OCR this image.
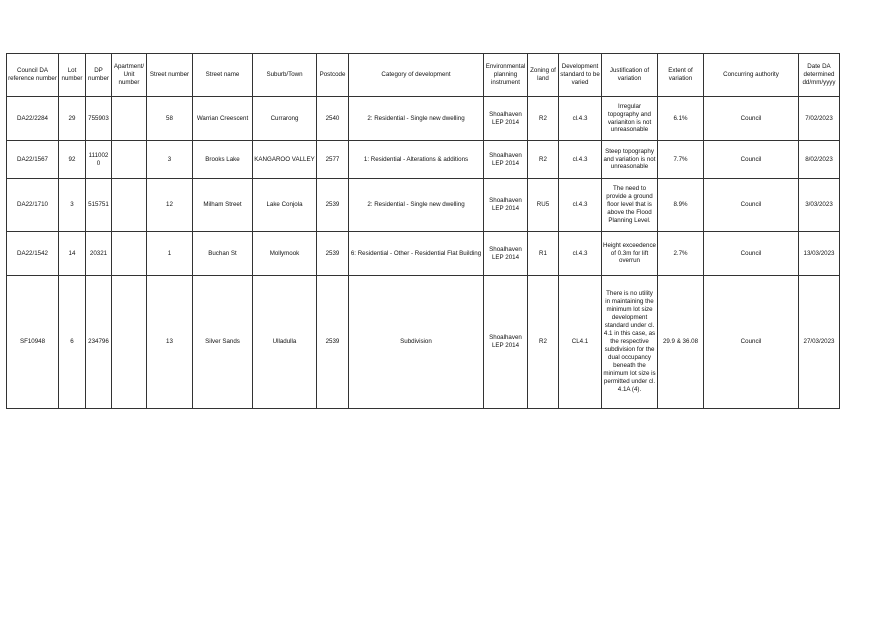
Council DA reference number	Lot number	DP number	Apartment/ Unit number	Street number	Street name	Suburb/Town	Postcode	Category of development	Environmental planning instrument	Zoning of land	Development standard to be varied	Justification of variation	Extent of variation	Concurring authority	Date DA determined dd/mm/yyyy
DA22/2284	29	755903		58	Warrian Creescent	Currarong	2540	2: Residential - Single new dwelling	Shoalhaven LEP 2014	R2	cl.4.3	Irregular topography and varianiton is not unreasonable	6.1%	Council	7/02/2023
DA22/1567	92	1110020		3	Brooks Lake	KANGAROO VALLEY	2577	1: Residential - Alterations & additions	Shoalhaven LEP 2014	R2	cl.4.3	Steep topography and variation is not unreasonable	7.7%	Council	8/02/2023
DA22/1710	3	515751		12	Milham Street	Lake Conjola	2539	2: Residential - Single new dwelling	Shoalhaven LEP 2014	RU5	cl.4.3	The need to provide a ground floor level that is above the Flood Planning Level.	8.9%	Council	3/03/2023
DA22/1542	14	20321		1	Buchan St	Mollymook	2539	6: Residential - Other - Residential Flat Building	Shoalhaven LEP 2014	R1	cl.4.3	Height exceedence of 0.3m for lift overrun	2.7%	Council	13/03/2023
SF10948	6	234796		13	Silver Sands	Ulladulla	2539	Subdivision	Shoalhaven LEP 2014	R2	CL4.1	There is no utility in maintaining the minimum lot size development standard under cl. 4.1 in this case, as the respective subdivision for the dual occupancy beneath the minimum lot size is permitted under cl. 4.1A (4).	29.9 & 36.08	Council	27/03/2023
